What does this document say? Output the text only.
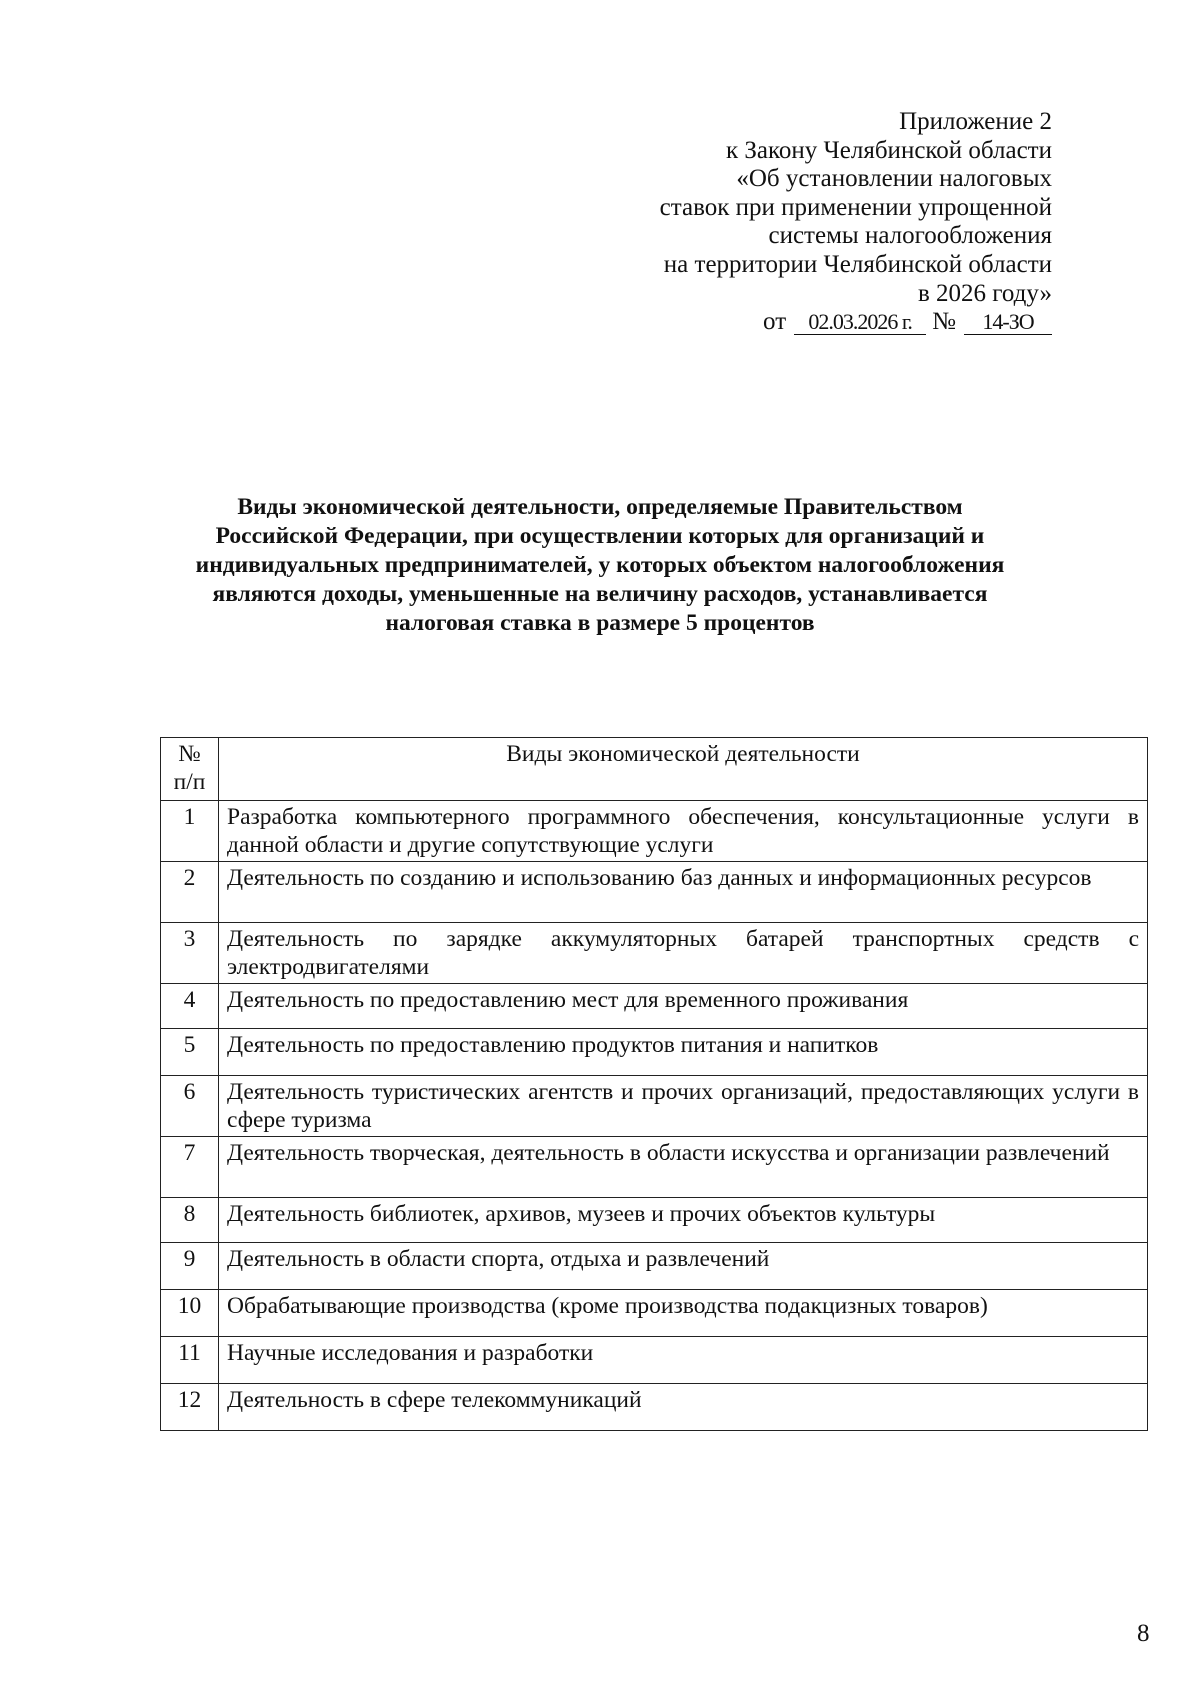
Приложение 2
к Закону Челябинской области
«Об установлении налоговых
ставок при применении упрощенной
системы налогообложения
на территории Челябинской области
в 2026 году»
от 02.03.2026 г. № 14-ЗО
Виды экономической деятельности, определяемые Правительством Российской Федерации, при осуществлении которых для организаций и индивидуальных предпринимателей, у которых объектом налогообложения являются доходы, уменьшенные на величину расходов, устанавливается налоговая ставка в размере 5 процентов
№ п/п	Виды экономической деятельности
1	Разработка компьютерного программного обеспечения, консультационные услуги в данной области и другие сопутствующие услуги
2	Деятельность по созданию и использованию баз данных и информационных ресурсов
3	Деятельность по зарядке аккумуляторных батарей транспортных средств с электродвигателями
4	Деятельность по предоставлению мест для временного проживания
5	Деятельность по предоставлению продуктов питания и напитков
6	Деятельность туристических агентств и прочих организаций, предоставляющих услуги в сфере туризма
7	Деятельность творческая, деятельность в области искусства и организации развлечений
8	Деятельность библиотек, архивов, музеев и прочих объектов культуры
9	Деятельность в области спорта, отдыха и развлечений
10	Обрабатывающие производства (кроме производства подакцизных товаров)
11	Научные исследования и разработки
12	Деятельность в сфере телекоммуникаций
8
